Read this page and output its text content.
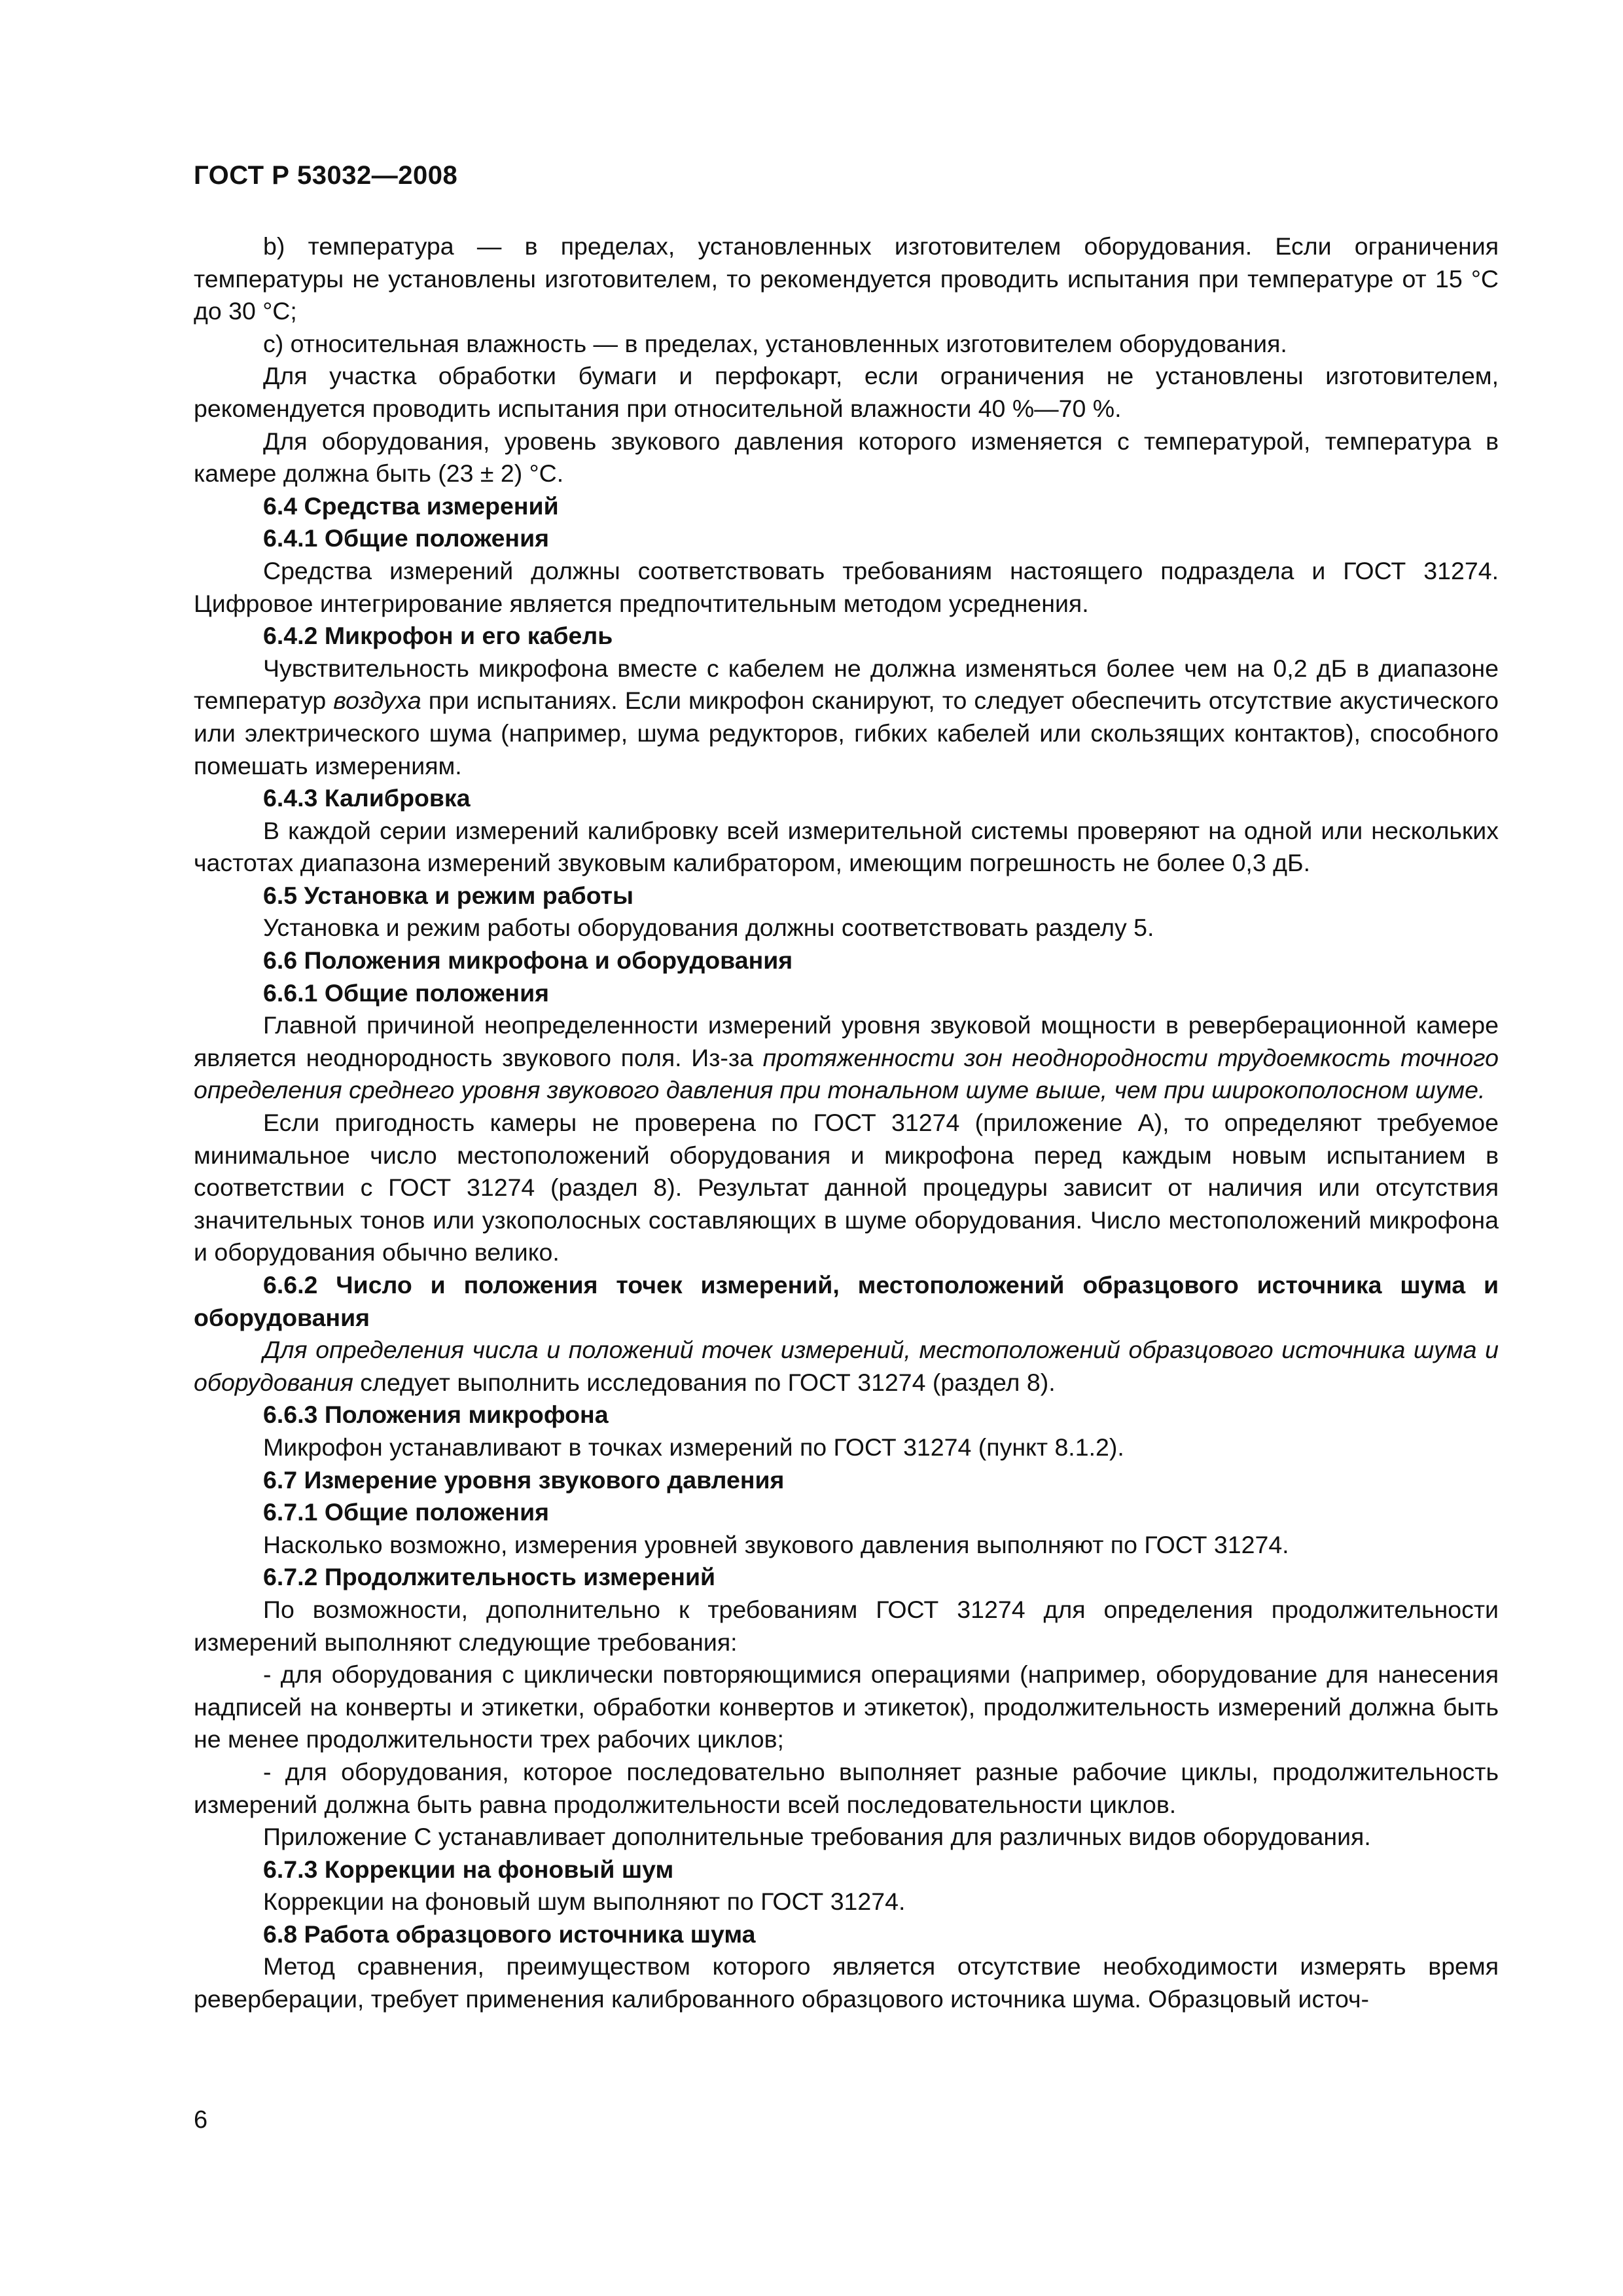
ГОСТ Р 53032—2008

b) температура — в пределах, установленных изготовителем оборудования. Если ограничения температуры не установлены изготовителем, то рекомендуется проводить испытания при температуре от 15 °С до 30 °С;

с) относительная влажность — в пределах, установленных изготовителем оборудования.

Для участка обработки бумаги и перфокарт, если ограничения не установлены изготовителем, рекомендуется проводить испытания при относительной влажности 40 %—70 %.

Для оборудования, уровень звукового давления которого изменяется с температурой, температура в камере должна быть (23 ± 2) °С.

6.4 Средства измерений

6.4.1 Общие положения

Средства измерений должны соответствовать требованиям настоящего подраздела и ГОСТ 31274. Цифровое интегрирование является предпочтительным методом усреднения.

6.4.2 Микрофон и его кабель

Чувствительность микрофона вместе с кабелем не должна изменяться более чем на 0,2 дБ в диапазоне температур воздуха при испытаниях. Если микрофон сканируют, то следует обеспечить отсутствие акустического или электрического шума (например, шума редукторов, гибких кабелей или скользящих контактов), способного помешать измерениям.

6.4.3 Калибровка

В каждой серии измерений калибровку всей измерительной системы проверяют на одной или нескольких частотах диапазона измерений звуковым калибратором, имеющим погрешность не более 0,3 дБ.

6.5 Установка и режим работы

Установка и режим работы оборудования должны соответствовать разделу 5.

6.6 Положения микрофона и оборудования

6.6.1 Общие положения

Главной причиной неопределенности измерений уровня звуковой мощности в реверберационной камере является неоднородность звукового поля. Из-за протяженности зон неоднородности трудоемкость точного определения среднего уровня звукового давления при тональном шуме выше, чем при широкополосном шуме.

Если пригодность камеры не проверена по ГОСТ 31274 (приложение А), то определяют требуемое минимальное число местоположений оборудования и микрофона перед каждым новым испытанием в соответствии с ГОСТ 31274 (раздел 8). Результат данной процедуры зависит от наличия или отсутствия значительных тонов или узкополосных составляющих в шуме оборудования. Число местоположений микрофона и оборудования обычно велико.

6.6.2 Число и положения точек измерений, местоположений образцового источника шума и оборудования

Для определения числа и положений точек измерений, местоположений образцового источника шума и оборудования следует выполнить исследования по ГОСТ 31274 (раздел 8).

6.6.3 Положения микрофона

Микрофон устанавливают в точках измерений по ГОСТ 31274 (пункт 8.1.2).

6.7 Измерение уровня звукового давления

6.7.1 Общие положения

Насколько возможно, измерения уровней звукового давления выполняют по ГОСТ 31274.

6.7.2 Продолжительность измерений

По возможности, дополнительно к требованиям ГОСТ 31274 для определения продолжительности измерений выполняют следующие требования:

- для оборудования с циклически повторяющимися операциями (например, оборудование для нанесения надписей на конверты и этикетки, обработки конвертов и этикеток), продолжительность измерений должна быть не менее продолжительности трех рабочих циклов;

- для оборудования, которое последовательно выполняет разные рабочие циклы, продолжительность измерений должна быть равна продолжительности всей последовательности циклов.

Приложение С устанавливает дополнительные требования для различных видов оборудования.

6.7.3 Коррекции на фоновый шум

Коррекции на фоновый шум выполняют по ГОСТ 31274.

6.8 Работа образцового источника шума

Метод сравнения, преимуществом которого является отсутствие необходимости измерять время реверберации, требует применения калиброванного образцового источника шума. Образцовый источ-

6
